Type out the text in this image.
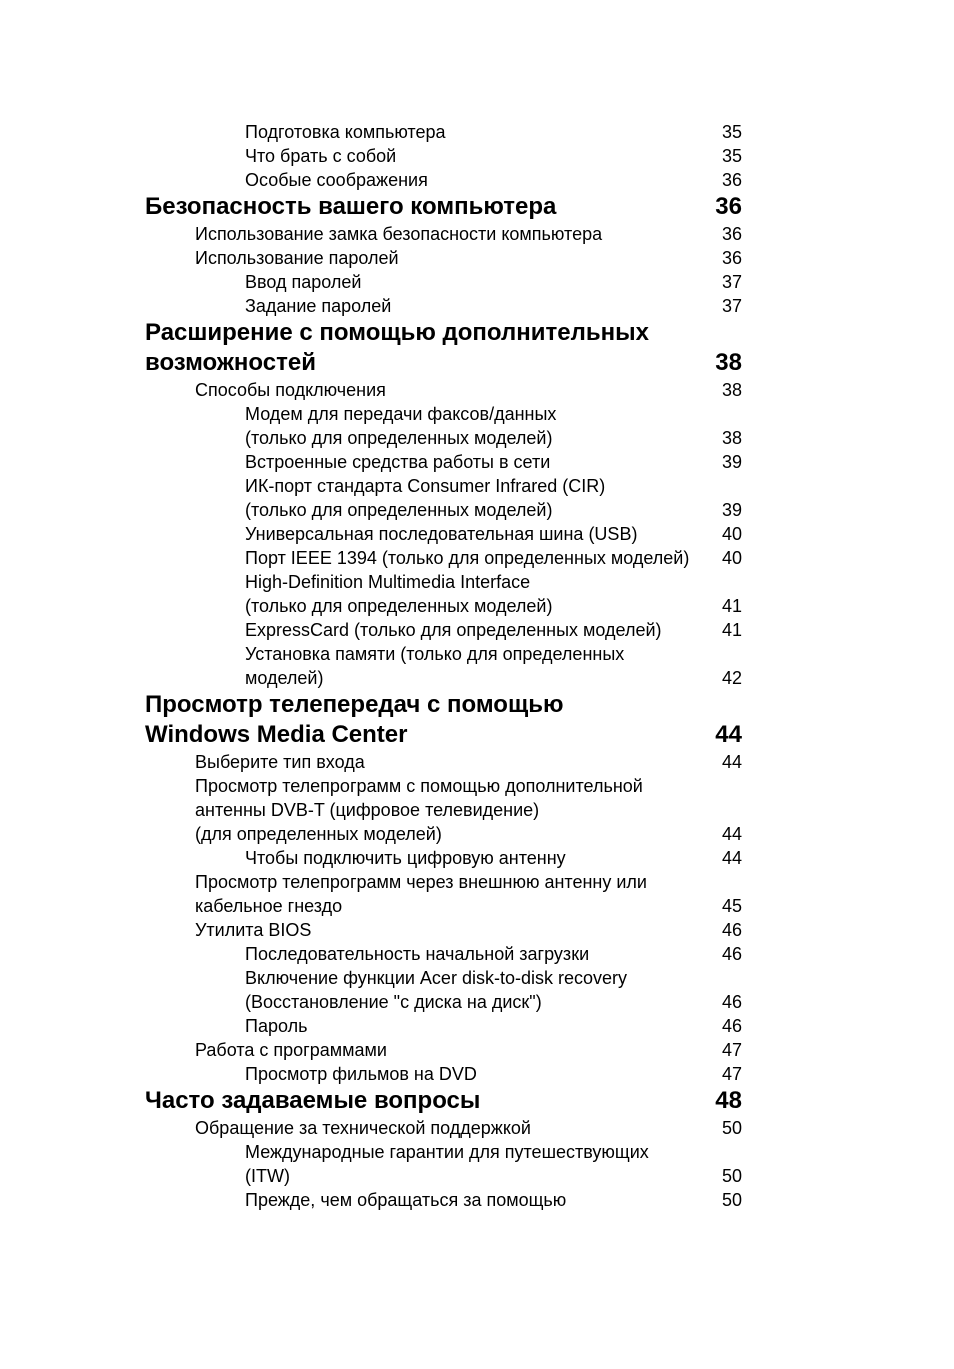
Подготовка компьютера	35
Что брать с собой	35
Особые соображения	36
Безопасность вашего компьютера	36
Использование замка безопасности компьютера	36
Использование паролей	36
Ввод паролей	37
Задание паролей	37
Расширение с помощью дополнительных
возможностей	38
Способы подключения	38
Модем для передачи факсов/данных
(только для определенных моделей)	38
Встроенные средства работы в сети	39
ИК-порт стандарта Consumer Infrared (CIR)
(только для определенных моделей)	39
Универсальная последовательная шина (USB)	40
Порт IEEE 1394 (только для определенных моделей) 40
High-Definition Multimedia Interface
(только для определенных моделей)	41
ExpressCard (только для определенных моделей)	41
Установка памяти (только для определенных
моделей)	42
Просмотр телепередач с помощью
Windows Media Center	44
Выберите тип входа	44
Просмотр телепрограмм с помощью дополнительной
антенны DVB-T (цифровое телевидение)
(для определенных моделей)	44
Чтобы подключить цифровую антенну	44
Просмотр телепрограмм через внешнюю антенну или
кабельное гнездо	45
Утилита BIOS	46
Последовательность начальной загрузки	46
Включение функции Acer disk-to-disk recovery
(Восстановление "с диска на диск")	46
Пароль	46
Работа с программами	47
Просмотр фильмов на DVD	47
Часто задаваемые вопросы	48
Обращение за технической поддержкой	50
Международные гарантии для путешествующих
(ITW)	50
Прежде, чем обращаться за помощью	50
